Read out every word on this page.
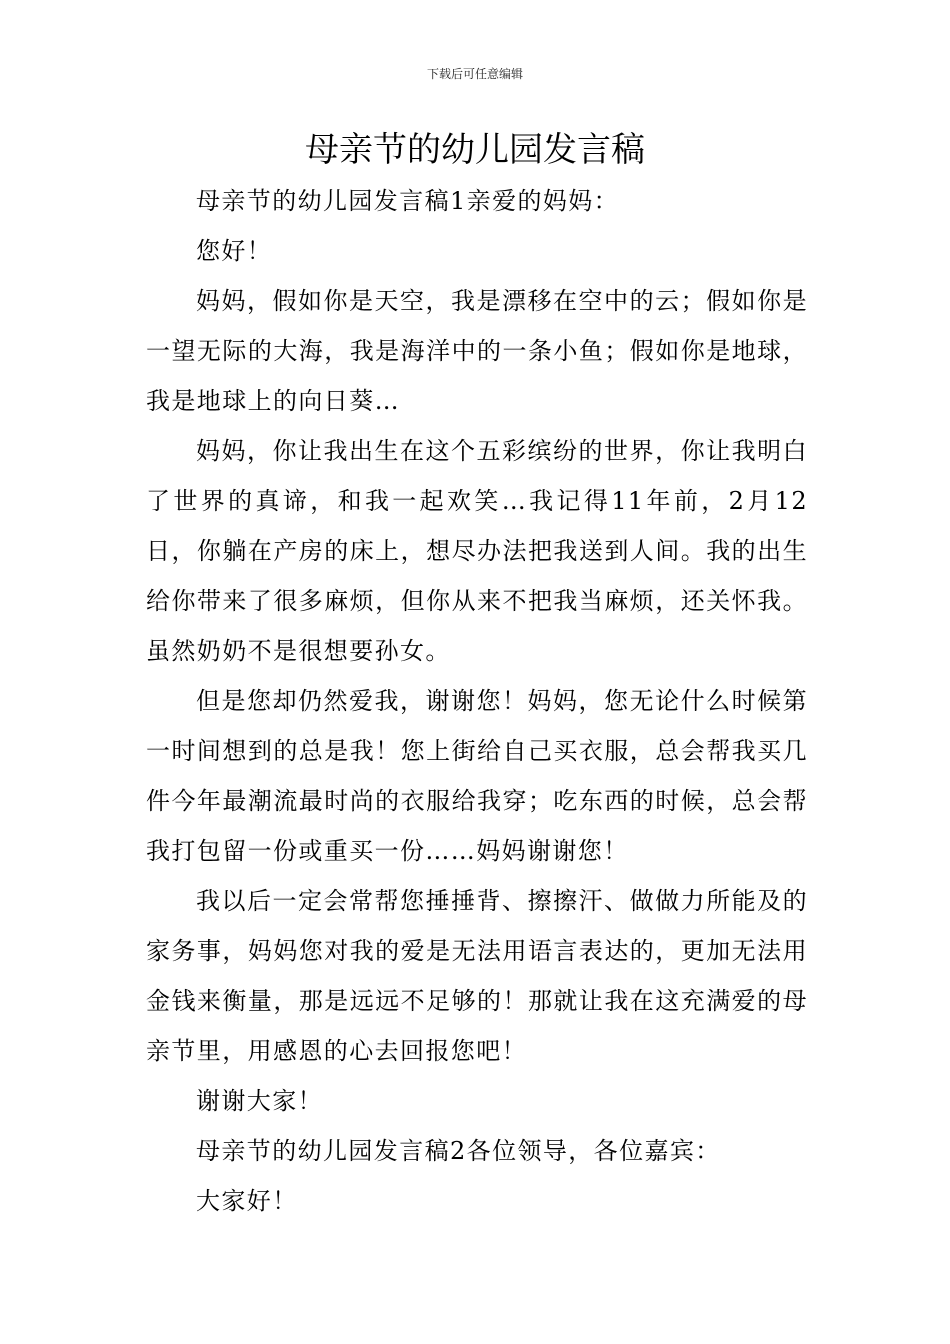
下载后可任意编辑
母亲节的幼儿园发言稿

母亲节的幼儿园发言稿1亲爱的妈妈：

您好！

妈妈，假如你是天空，我是漂移在空中的云；假如你是一望无际的大海，我是海洋中的一条小鱼；假如你是地球，我是地球上的向日葵…

妈妈，你让我出生在这个五彩缤纷的世界，你让我明白了世界的真谛，和我一起欢笑…我记得11年前，2月12日，你躺在产房的床上，想尽办法把我送到人间。我的出生给你带来了很多麻烦，但你从来不把我当麻烦，还关怀我。虽然奶奶不是很想要孙女。

但是您却仍然爱我，谢谢您！妈妈，您无论什么时候第一时间想到的总是我！您上街给自己买衣服，总会帮我买几件今年最潮流最时尚的衣服给我穿；吃东西的时候，总会帮我打包留一份或重买一份……妈妈谢谢您！

我以后一定会常帮您捶捶背、擦擦汗、做做力所能及的家务事，妈妈您对我的爱是无法用语言表达的，更加无法用金钱来衡量，那是远远不足够的！那就让我在这充满爱的母亲节里，用感恩的心去回报您吧！

谢谢大家！

母亲节的幼儿园发言稿2各位领导，各位嘉宾：

大家好！
